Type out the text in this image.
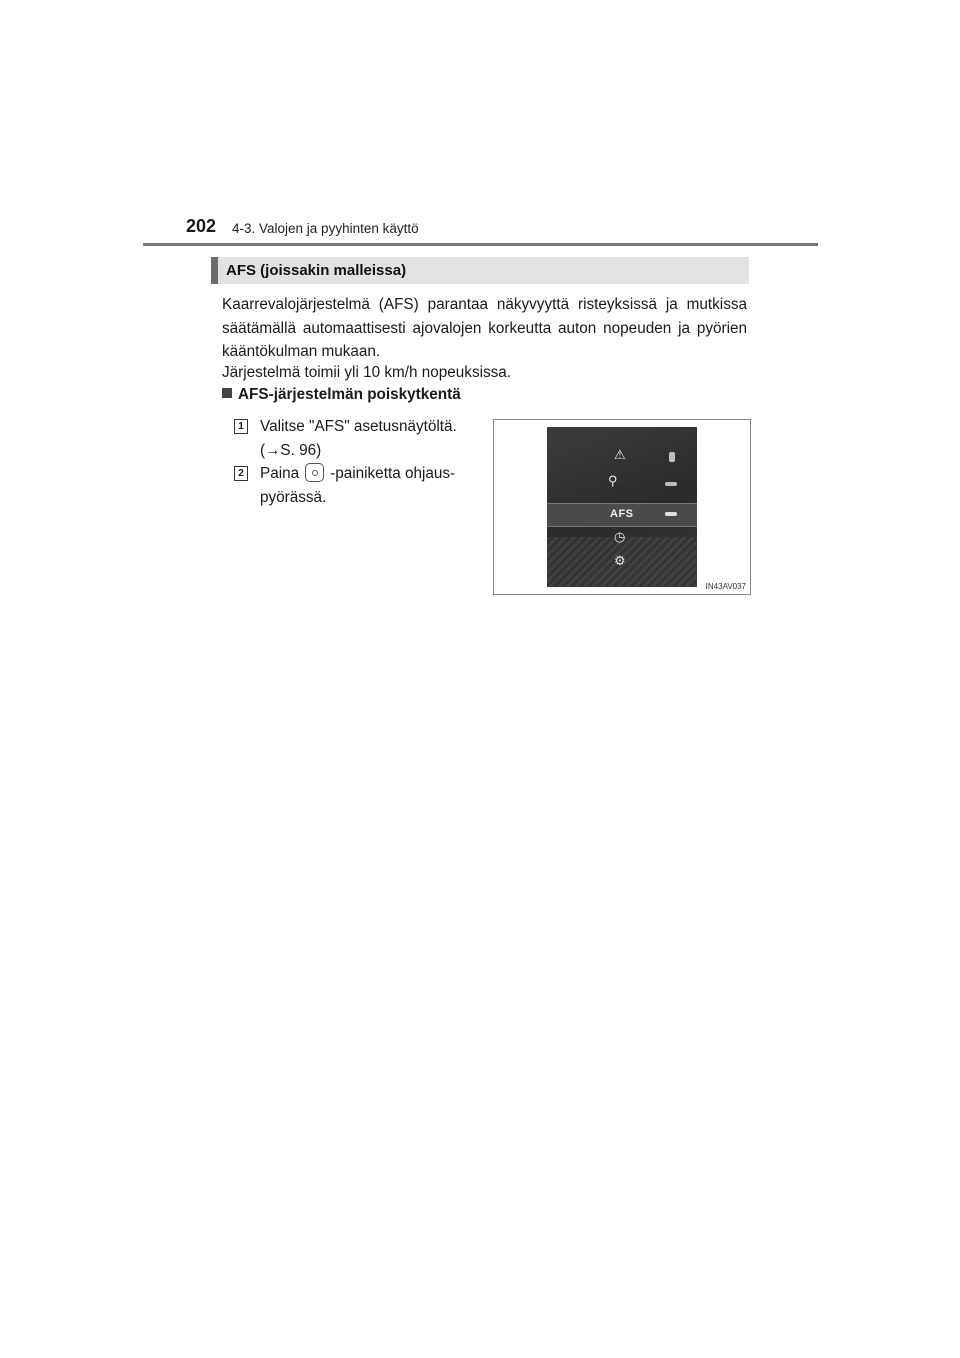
202 4-3. Valojen ja pyyhinten käyttö
AFS (joissakin malleissa)
Kaarrevalojärjestelmä (AFS) parantaa näkyvyyttä risteyksissä ja mutkissa säätämällä automaattisesti ajovalojen korkeutta auton nopeuden ja pyörien kääntökulman mukaan.
Järjestelmä toimii yli 10 km/h nopeuksissa.
AFS-järjestelmän poiskytkentä
1 Valitse "AFS" asetusnäytöltä.
(→S. 96)
2 Paina -painiketta ohjaus-
pyörässä.
⚠
⚲
AFS
◷
⚙
IN43AV037
